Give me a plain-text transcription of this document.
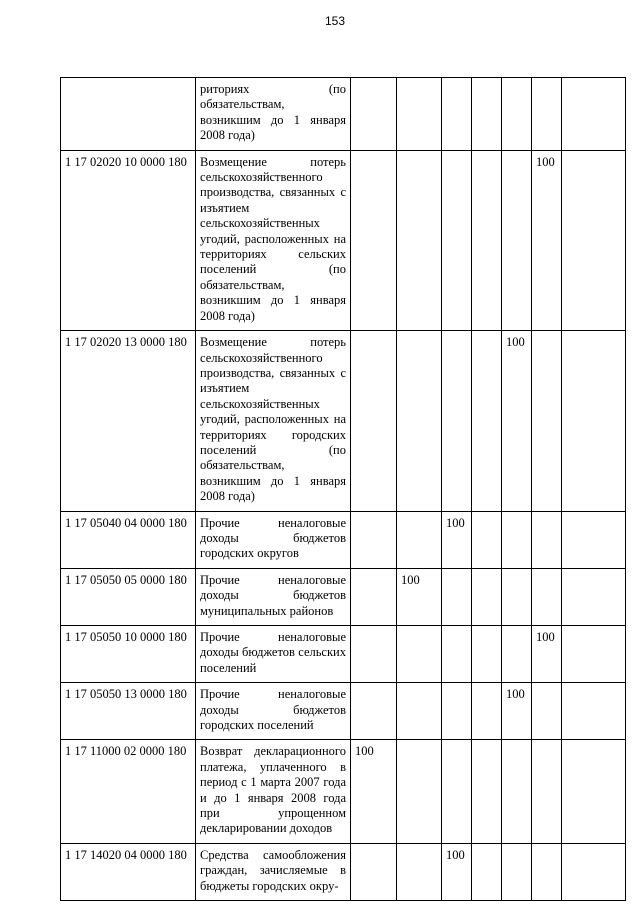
153
	риториях (по обязательствам, возникшим до 1 января 2008 года)							
1 17 02020 10 0000 180	Возмещение потерь сельскохозяйственного производства, связанных с изъятием сельскохозяйственных угодий, расположенных на территориях сельских поселений (по обязательствам, возникшим до 1 января 2008 года)						100	
1 17 02020 13 0000 180	Возмещение потерь сельскохозяйственного производства, связанных с изъятием сельскохозяйственных угодий, расположенных на территориях городских поселений (по обязательствам, возникшим до 1 января 2008 года)					100		
1 17 05040 04 0000 180	Прочие неналоговые доходы бюджетов городских округов			100				
1 17 05050 05 0000 180	Прочие неналоговые доходы бюджетов муниципальных районов		100					
1 17 05050 10 0000 180	Прочие неналоговые доходы бюджетов сельских поселений						100	
1 17 05050 13 0000 180	Прочие неналоговые доходы бюджетов городских поселений					100		
1 17 11000 02 0000 180	Возврат декларационного платежа, уплаченного в период с 1 марта 2007 года и до 1 января 2008 года при упрощенном декларировании доходов	100						
1 17 14020 04 0000 180	Средства самообложения граждан, зачисляемые в бюджеты городских окру-			100				
